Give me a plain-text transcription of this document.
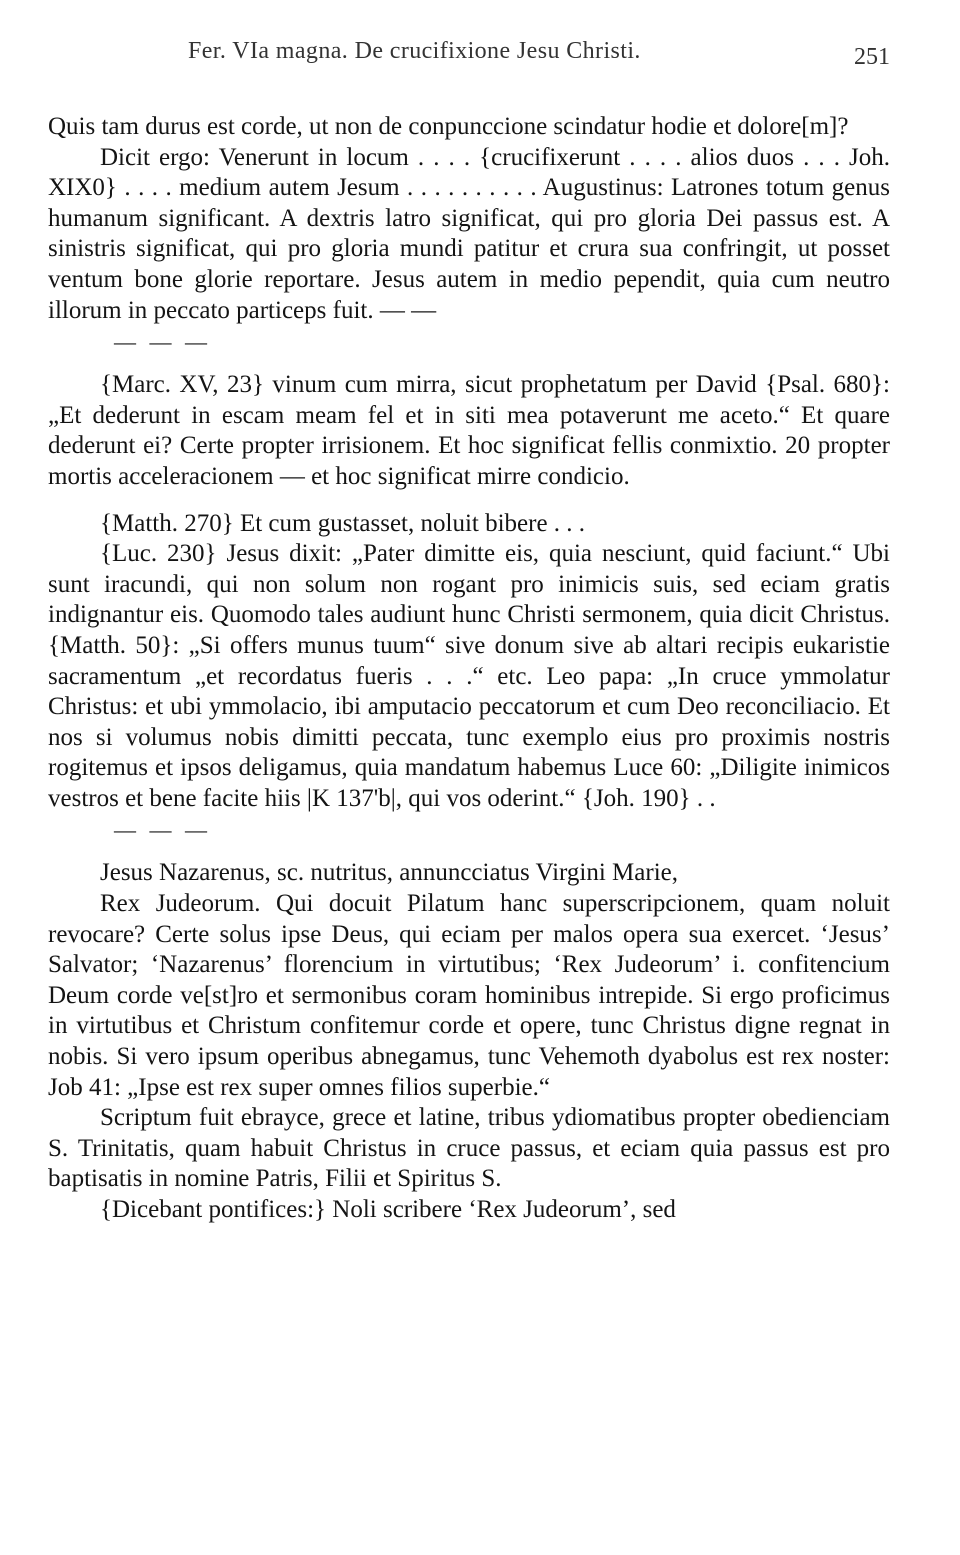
Fer. VIa magna. De crucifixione Jesu Christi.	251

Quis tam durus est corde, ut non de conpunccione scindatur hodie et dolore[m]?

Dicit ergo: Venerunt in locum . . . . {crucifixerunt . . . . alios duos . . . Joh. XIX0} . . . . medium autem Jesum . . . . . . . . . . Augustinus: Latrones totum genus humanum significant. A dextris latro significat, qui pro gloria Dei passus est. A sinistris significat, qui pro gloria mundi patitur et crura sua confringit, ut posset ventum bone glorie reportare. Jesus autem in medio pependit, quia cum neutro illorum in peccato particeps fuit. — —

— — —

{Marc. XV, 23} vinum cum mirra, sicut prophetatum per David {Psal. 680}: „Et dederunt in escam meam fel et in siti mea potaverunt me aceto.“ Et quare dederunt ei? Certe propter irrisionem. Et hoc significat fellis conmixtio. 20 propter mortis acceleracionem — et hoc significat mirre condicio.

{Matth. 270} Et cum gustasset, noluit bibere . . .

{Luc. 230} Jesus dixit: „Pater dimitte eis, quia nesciunt, quid faciunt.“ Ubi sunt iracundi, qui non solum non rogant pro inimicis suis, sed eciam gratis indignantur eis. Quomodo tales audiunt hunc Christi sermonem, quia dicit Christus. {Matth. 50}: „Si offers munus tuum“ sive donum sive ab altari recipis eukaristie sacramentum „et recordatus fueris . . .“ etc. Leo papa: „In cruce ymmolatur Christus: et ubi ymmolacio, ibi amputacio peccatorum et cum Deo reconciliacio. Et nos si volumus nobis dimitti peccata, tunc exemplo eius pro proximis nostris rogitemus et ipsos deligamus, quia mandatum habemus Luce 60: „Diligite inimicos vestros et bene facite hiis |K 137'b|, qui vos oderint.“ {Joh. 190} . .

— — —

Jesus Nazarenus, sc. nutritus, annuncciatus Virgini Marie,

Rex Judeorum. Qui docuit Pilatum hanc superscripcionem, quam noluit revocare? Certe solus ipse Deus, qui eciam per malos opera sua exercet. ‘Jesus’ Salvator; ‘Nazarenus’ florencium in virtutibus; ‘Rex Judeorum’ i. confitencium Deum corde ve[st]ro et sermonibus coram hominibus intrepide. Si ergo proficimus in virtutibus et Christum confitemur corde et opere, tunc Christus digne regnat in nobis. Si vero ipsum operibus abnegamus, tunc Vehemoth dyabolus est rex noster: Job 41: „Ipse est rex super omnes filios superbie.“

Scriptum fuit ebrayce, grece et latine, tribus ydiomatibus propter obedienciam S. Trinitatis, quam habuit Christus in cruce passus, et eciam quia passus est pro baptisatis in nomine Patris, Filii et Spiritus S.

{Dicebant pontifices:} Noli scribere ‘Rex Judeorum’, sed
